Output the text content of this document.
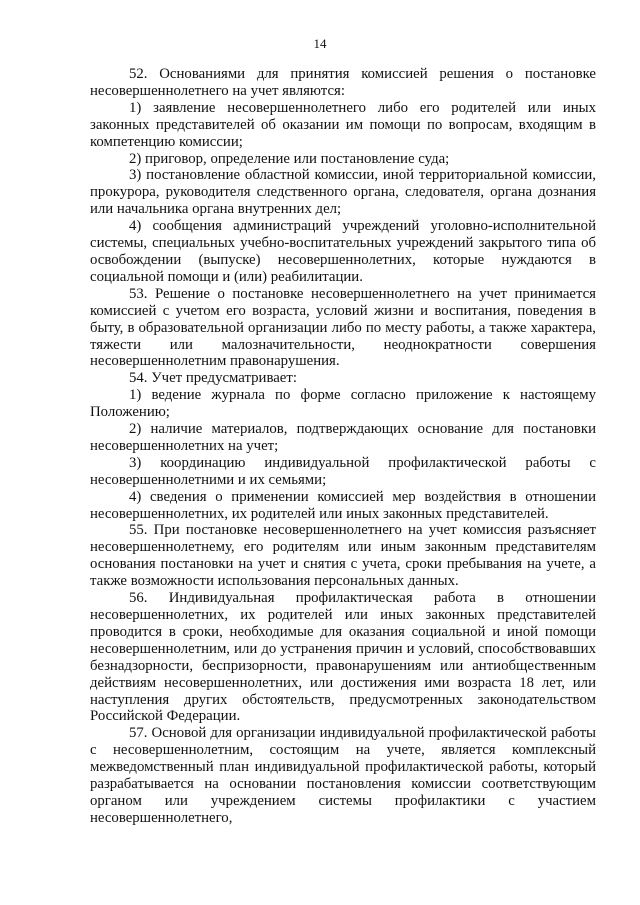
14

52. Основаниями для принятия комиссией решения о постановке несовершеннолетнего на учет являются:

1) заявление несовершеннолетнего либо его родителей или иных законных представителей об оказании им помощи по вопросам, входящим в компетенцию комиссии;

2) приговор, определение или постановление суда;

3) постановление областной комиссии, иной территориальной комиссии, прокурора, руководителя следственного органа, следователя, органа дознания или начальника органа внутренних дел;

4) сообщения администраций учреждений уголовно-исполнительной системы, специальных учебно-воспитательных учреждений закрытого типа об освобождении (выпуске) несовершеннолетних, которые нуждаются в социальной помощи и (или) реабилитации.

53. Решение о постановке несовершеннолетнего на учет принимается комиссией с учетом его возраста, условий жизни и воспитания, поведения в быту, в образовательной организации либо по месту работы, а также характера, тяжести или малозначительности, неоднократности совершения несовершеннолетним правонарушения.

54. Учет предусматривает:

1) ведение журнала по форме согласно приложение к настоящему Положению;

2) наличие материалов, подтверждающих основание для постановки несовершеннолетних на учет;

3) координацию индивидуальной профилактической работы с несовершеннолетними и их семьями;

4) сведения о применении комиссией мер воздействия в отношении несовершеннолетних, их родителей или иных законных представителей.

55. При постановке несовершеннолетнего на учет комиссия разъясняет несовершеннолетнему, его родителям или иным законным представителям основания постановки на учет и снятия с учета, сроки пребывания на учете, а также возможности использования персональных данных.

56. Индивидуальная профилактическая работа в отношении несовершеннолетних, их родителей или иных законных представителей проводится в сроки, необходимые для оказания социальной и иной помощи несовершеннолетним, или до устранения причин и условий, способствовавших безнадзорности, беспризорности, правонарушениям или антиобщественным действиям несовершеннолетних, или достижения ими возраста 18 лет, или наступления других обстоятельств, предусмотренных законодательством Российской Федерации.

57. Основой для организации индивидуальной профилактической работы с несовершеннолетним, состоящим на учете, является комплексный межведомственный план индивидуальной профилактической работы, который разрабатывается на основании постановления комиссии соответствующим органом или учреждением системы профилактики с участием несовершеннолетнего,
